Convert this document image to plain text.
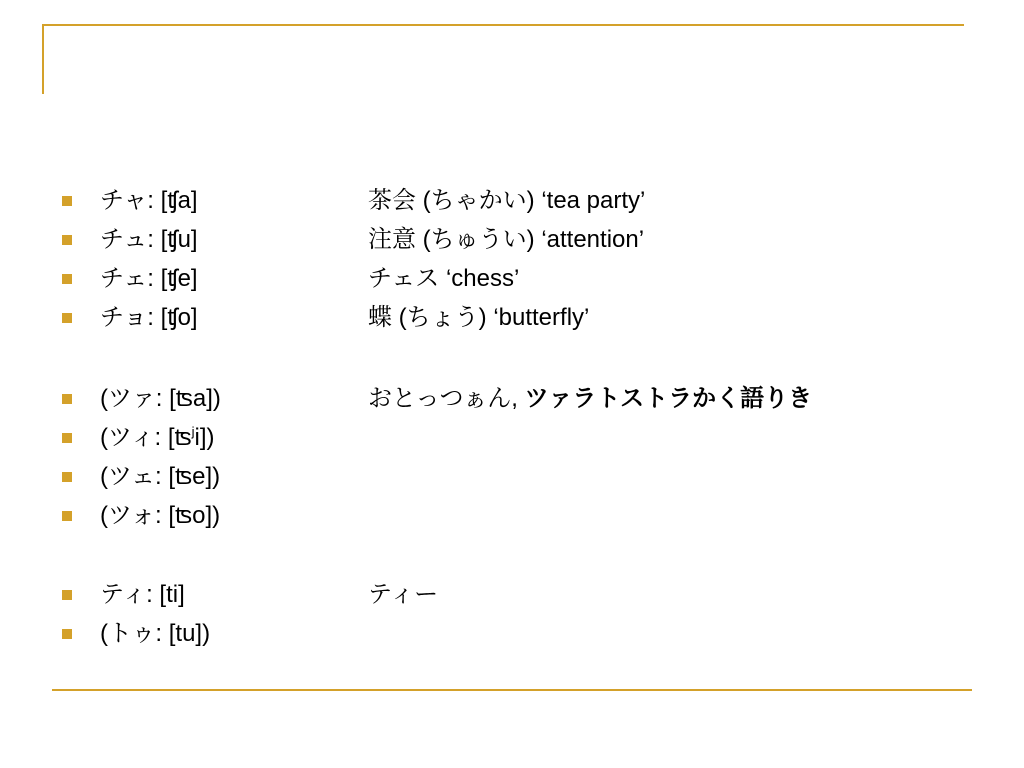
チャ: [ʧa]	茶会 (ちゃかい) ‘tea party’
チュ: [ʧu]	注意 (ちゅうい) ‘attention’
チェ: [ʧe]	チェス ‘chess’
チョ: [ʧo]	蝶 (ちょう) ‘butterfly’
(ツァ: [ʦa])	おとっつぁん, ツァラトストラかく語りき
(ツィ: [ʦ$^j$i])
(ツェ: [ʦe])
(ツォ: [ʦo])
ティ: [ti]	ティー
(トゥ: [tu])
